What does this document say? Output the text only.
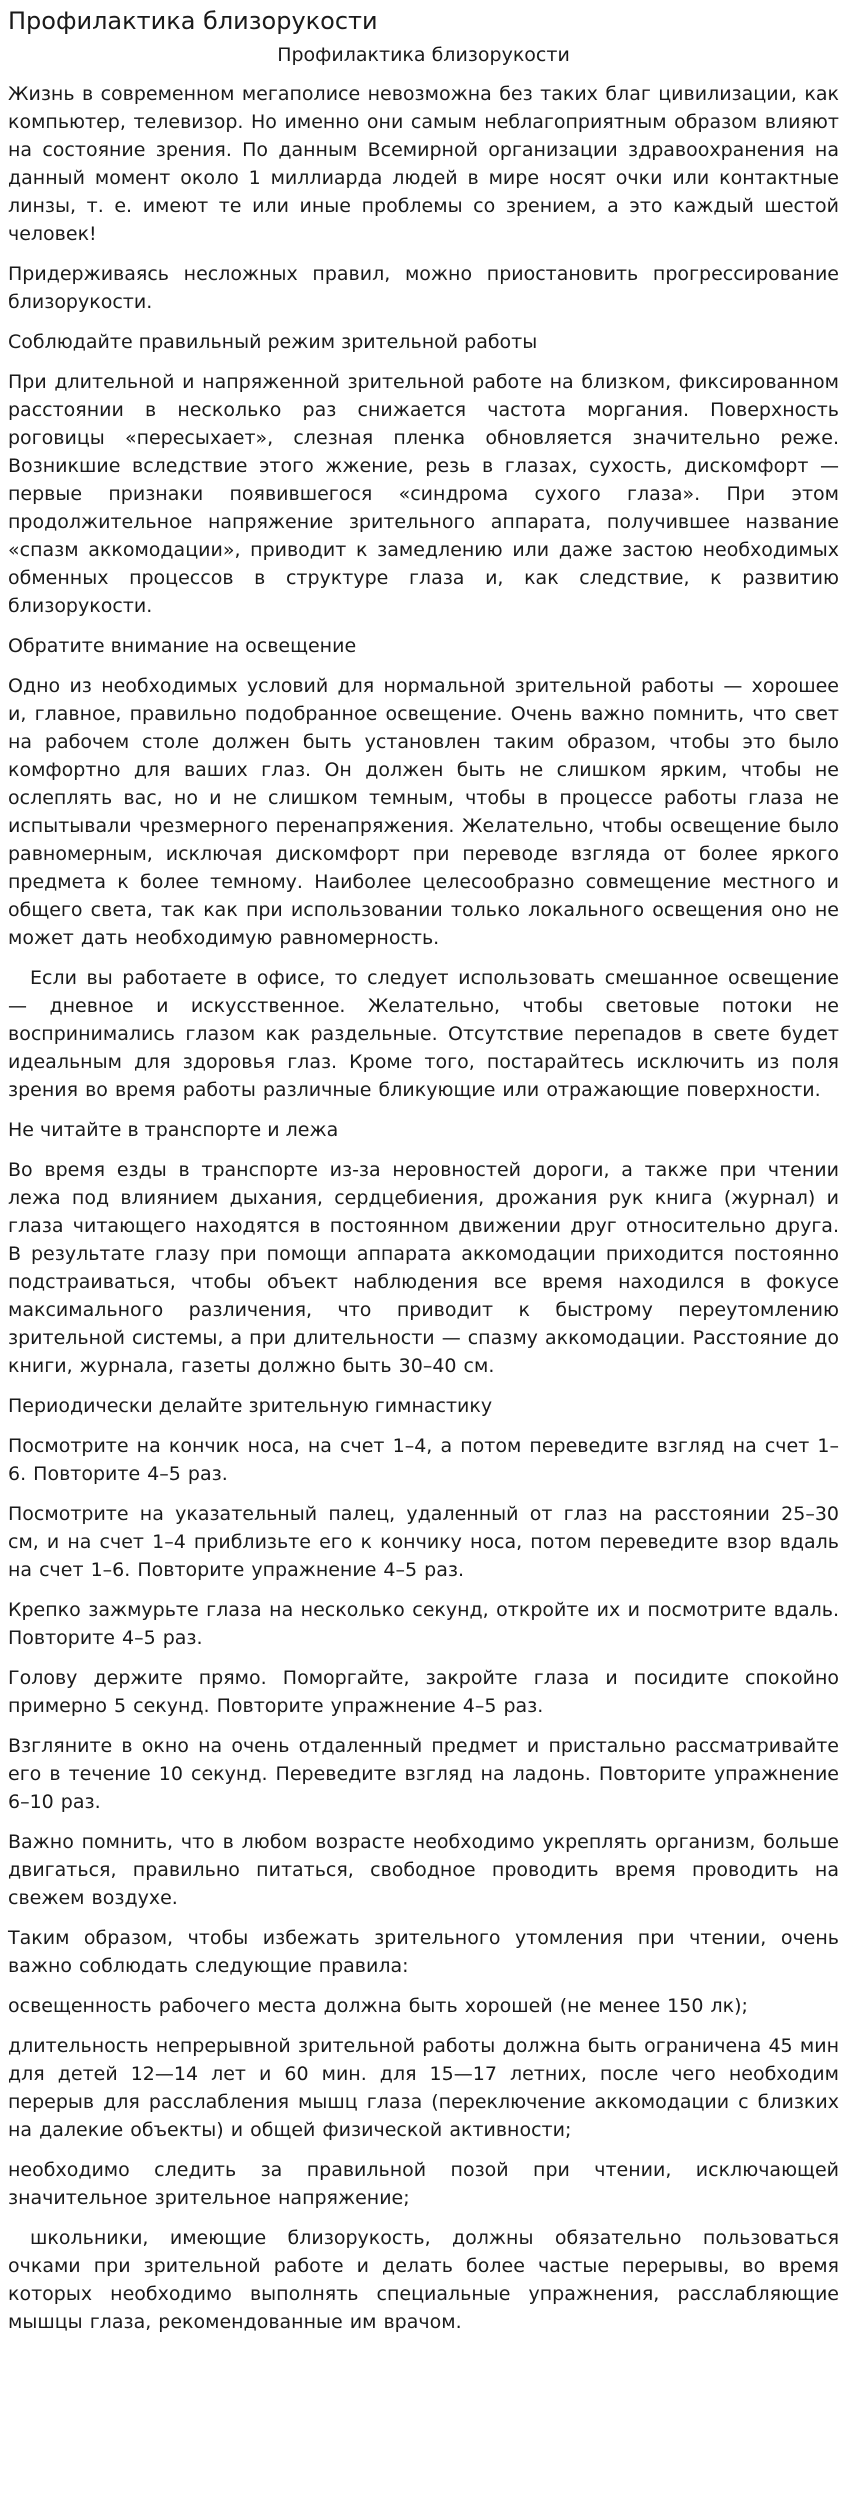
Профилактика близорукости
Профилактика близорукости

Жизнь в современном мегаполисе невозможна без таких благ цивилизации, как компьютер, телевизор. Но именно они самым неблагоприятным образом влияют на состояние зрения. По данным Всемирной организации здравоохранения на данный момент около 1 миллиарда людей в мире носят очки или контактные линзы, т. е. имеют те или иные проблемы со зрением, а это каждый шестой человек!

Придерживаясь несложных правил, можно приостановить прогрессирование близорукости.

Соблюдайте правильный режим зрительной работы

При длительной и напряженной зрительной работе на близком, фиксированном расстоянии в несколько раз снижается частота моргания. Поверхность роговицы «пересыхает», слезная пленка обновляется значительно реже. Возникшие вследствие этого жжение, резь в глазах, сухость, дискомфорт — первые признаки появившегося «синдрома сухого глаза». При этом продолжительное напряжение зрительного аппарата, получившее название «спазм аккомодации», приводит к замедлению или даже застою необходимых обменных процессов в структуре глаза и, как следствие, к развитию близорукости.

Обратите внимание на освещение

Одно из необходимых условий для нормальной зрительной работы — хорошее и, главное, правильно подобранное освещение. Очень важно помнить, что свет на рабочем столе должен быть установлен таким образом, чтобы это было комфортно для ваших глаз. Он должен быть не слишком ярким, чтобы не ослеплять вас, но и не слишком темным, чтобы в процессе работы глаза не испытывали чрезмерного перенапряжения. Желательно, чтобы освещение было равномерным, исключая дискомфорт при переводе взгляда от более яркого предмета к более темному. Наиболее целесообразно совмещение местного и общего света, так как при использовании только локального освещения оно не может дать необходимую равномерность.

Если вы работаете в офисе, то следует использовать смешанное освещение — дневное и искусственное. Желательно, чтобы световые потоки не воспринимались глазом как раздельные. Отсутствие перепадов в свете будет идеальным для здоровья глаз. Кроме того, постарайтесь исключить из поля зрения во время работы различные бликующие или отражающие поверхности.

Не читайте в транспорте и лежа

Во время езды в транспорте из-за неровностей дороги, а также при чтении лежа под влиянием дыхания, сердцебиения, дрожания рук книга (журнал) и глаза читающего находятся в постоянном движении друг относительно друга. В результате глазу при помощи аппарата аккомодации приходится постоянно подстраиваться, чтобы объект наблюдения все время находился в фокусе максимального различения, что приводит к быстрому переутомлению зрительной системы, а при длительности — спазму аккомодации. Расстояние до книги, журнала, газеты должно быть 30–40 см.

Периодически делайте зрительную гимнастику

Посмотрите на кончик носа, на счет 1–4, а потом переведите взгляд на счет 1–6. Повторите 4–5 раз.

Посмотрите на указательный палец, удаленный от глаз на расстоянии 25–30 см, и на счет 1–4 приблизьте его к кончику носа, потом переведите взор вдаль на счет 1–6. Повторите упражнение 4–5 раз.

Крепко зажмурьте глаза на несколько секунд, откройте их и посмотрите вдаль. Повторите 4–5 раз.

Голову держите прямо. Поморгайте, закройте глаза и посидите спокойно примерно 5 секунд. Повторите упражнение 4–5 раз.

Взгляните в окно на очень отдаленный предмет и пристально рассматривайте его в течение 10 секунд. Переведите взгляд на ладонь. Повторите упражнение 6–10 раз.

Важно помнить, что в любом возрасте необходимо укреплять организм, больше двигаться, правильно питаться, свободное проводить время проводить на свежем воздухе.

Таким образом, чтобы избежать зрительного утомления при чтении, очень важно соблюдать следующие правила:

освещенность рабочего места должна быть хорошей (не менее 150 лк);

длительность непрерывной зрительной работы должна быть ограничена 45 мин для детей 12—14 лет и 60 мин. для 15—17 летних, после чего необходим перерыв для расслабления мышц глаза (переключение аккомодации с близких на далекие объекты) и общей физической активности;

необходимо следить за правильной позой при чтении, исключающей значительное зрительное напряжение;

школьники, имеющие близорукость, должны обязательно пользоваться очками при зрительной работе и делать более частые перерывы, во время которых необходимо выполнять специальные упражнения, расслабляющие мышцы глаза, рекомендованные им врачом.
